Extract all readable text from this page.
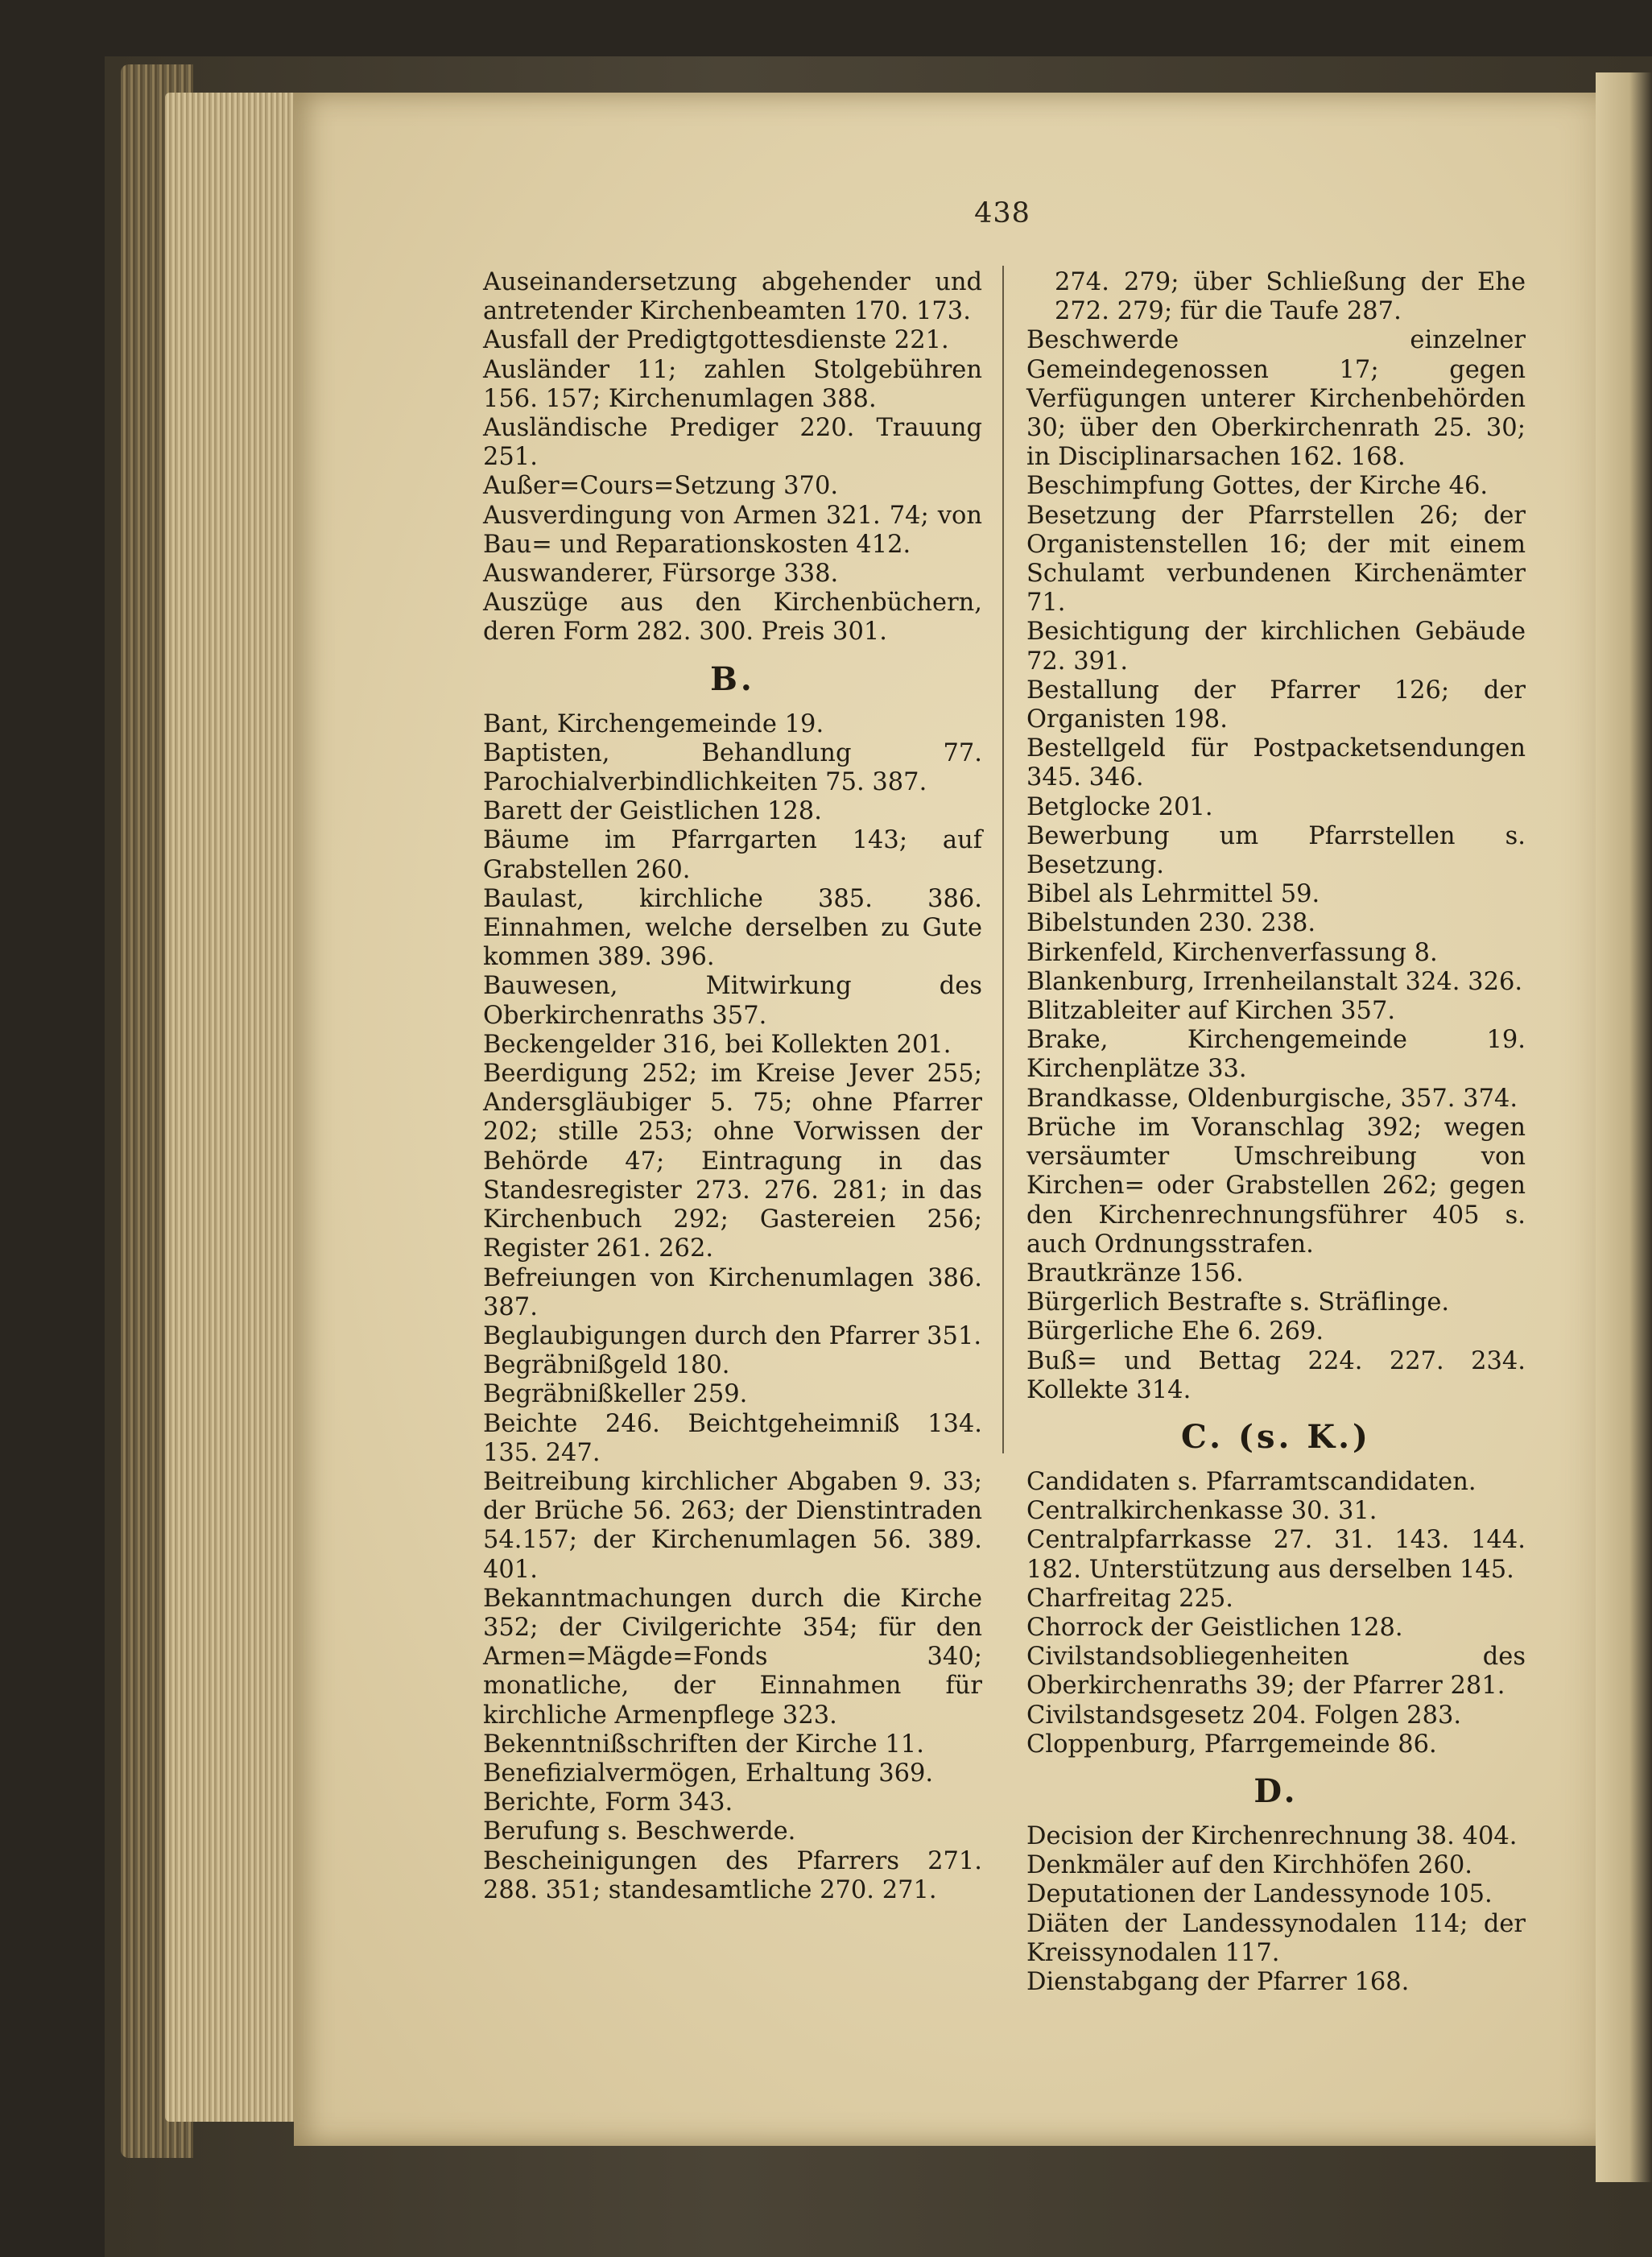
438

Auseinandersetzung abgehender und antretender Kirchenbeamten 170. 173.

Ausfall der Predigtgottesdienste 221.

Ausländer 11; zahlen Stolgebühren 156. 157; Kirchenumlagen 388.

Ausländische Prediger 220. Trauung 251.

Außer=Cours=Setzung 370.

Ausverdingung von Armen 321. 74; von Bau= und Reparationskosten 412.

Auswanderer, Fürsorge 338.

Auszüge aus den Kirchenbüchern, deren Form 282. 300. Preis 301.

B.

Bant, Kirchengemeinde 19.

Baptisten, Behandlung 77. Parochialverbindlichkeiten 75. 387.

Barett der Geistlichen 128.

Bäume im Pfarrgarten 143; auf Grabstellen 260.

Baulast, kirchliche 385. 386. Einnahmen, welche derselben zu Gute kommen 389. 396.

Bauwesen, Mitwirkung des Oberkirchenraths 357.

Beckengelder 316, bei Kollekten 201.

Beerdigung 252; im Kreise Jever 255; Andersgläubiger 5. 75; ohne Pfarrer 202; stille 253; ohne Vorwissen der Behörde 47; Eintragung in das Standesregister 273. 276. 281; in das Kirchenbuch 292; Gastereien 256; Register 261. 262.

Befreiungen von Kirchenumlagen 386. 387.

Beglaubigungen durch den Pfarrer 351.

Begräbnißgeld 180.

Begräbnißkeller 259.

Beichte 246. Beichtgeheimniß 134. 135. 247.

Beitreibung kirchlicher Abgaben 9. 33; der Brüche 56. 263; der Dienstintraden 54.157; der Kirchenumlagen 56. 389. 401.

Bekanntmachungen durch die Kirche 352; der Civilgerichte 354; für den Armen=Mägde=Fonds 340; monatliche, der Einnahmen für kirchliche Armenpflege 323.

Bekenntnißschriften der Kirche 11.

Benefizialvermögen, Erhaltung 369.

Berichte, Form 343.

Berufung s. Beschwerde.

Bescheinigungen des Pfarrers 271. 288. 351; standesamtliche 270. 271.

274. 279; über Schließung der Ehe 272. 279; für die Taufe 287.

Beschwerde einzelner Gemeindegenossen 17; gegen Verfügungen unterer Kirchenbehörden 30; über den Oberkirchenrath 25. 30; in Disciplinarsachen 162. 168.

Beschimpfung Gottes, der Kirche 46.

Besetzung der Pfarrstellen 26; der Organistenstellen 16; der mit einem Schulamt verbundenen Kirchenämter 71.

Besichtigung der kirchlichen Gebäude 72. 391.

Bestallung der Pfarrer 126; der Organisten 198.

Bestellgeld für Postpacketsendungen 345. 346.

Betglocke 201.

Bewerbung um Pfarrstellen s. Besetzung.

Bibel als Lehrmittel 59.

Bibelstunden 230. 238.

Birkenfeld, Kirchenverfassung 8.

Blankenburg, Irrenheilanstalt 324. 326.

Blitzableiter auf Kirchen 357.

Brake, Kirchengemeinde 19. Kirchenplätze 33.

Brandkasse, Oldenburgische, 357. 374.

Brüche im Voranschlag 392; wegen versäumter Umschreibung von Kirchen= oder Grabstellen 262; gegen den Kirchenrechnungsführer 405 s. auch Ordnungsstrafen.

Brautkränze 156.

Bürgerlich Bestrafte s. Sträflinge.

Bürgerliche Ehe 6. 269.

Buß= und Bettag 224. 227. 234. Kollekte 314.

C. (s. K.)

Candidaten s. Pfarramtscandidaten.

Centralkirchenkasse 30. 31.

Centralpfarrkasse 27. 31. 143. 144. 182. Unterstützung aus derselben 145.

Charfreitag 225.

Chorrock der Geistlichen 128.

Civilstandsobliegenheiten des Oberkirchenraths 39; der Pfarrer 281.

Civilstandsgesetz 204. Folgen 283.

Cloppenburg, Pfarrgemeinde 86.

D.

Decision der Kirchenrechnung 38. 404.

Denkmäler auf den Kirchhöfen 260.

Deputationen der Landessynode 105.

Diäten der Landessynodalen 114; der Kreissynodalen 117.

Dienstabgang der Pfarrer 168.
